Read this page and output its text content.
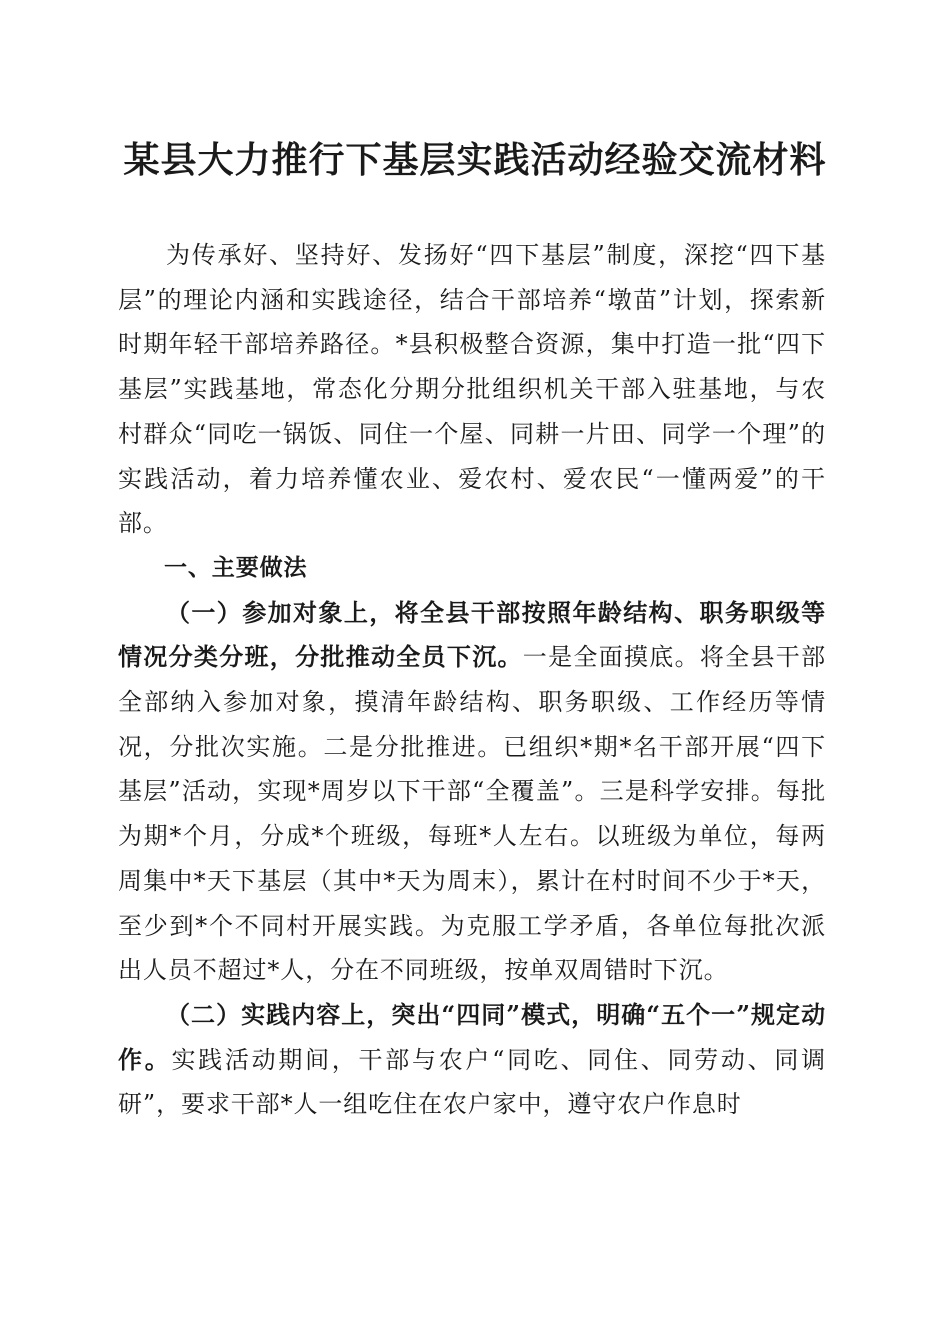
某县大力推行下基层实践活动经验交流材料

为传承好、坚持好、发扬好“四下基层”制度，深挖“四下基层”的理论内涵和实践途径，结合干部培养“墩苗”计划，探索新时期年轻干部培养路径。*县积极整合资源，集中打造一批“四下基层”实践基地，常态化分期分批组织机关干部入驻基地，与农村群众“同吃一锅饭、同住一个屋、同耕一片田、同学一个理”的实践活动，着力培养懂农业、爱农村、爱农民“一懂两爱”的干部。

一、主要做法

（一）参加对象上，将全县干部按照年龄结构、职务职级等情况分类分班，分批推动全员下沉。一是全面摸底。将全县干部全部纳入参加对象，摸清年龄结构、职务职级、工作经历等情况，分批次实施。二是分批推进。已组织*期*名干部开展“四下基层”活动，实现*周岁以下干部“全覆盖”。三是科学安排。每批为期*个月，分成*个班级，每班*人左右。以班级为单位，每两周集中*天下基层（其中*天为周末），累计在村时间不少于*天，至少到*个不同村开展实践。为克服工学矛盾，各单位每批次派出人员不超过*人，分在不同班级，按单双周错时下沉。

（二）实践内容上，突出“四同”模式，明确“五个一”规定动作。实践活动期间，干部与农户“同吃、同住、同劳动、同调研”，要求干部*人一组吃住在农户家中，遵守农户作息时
